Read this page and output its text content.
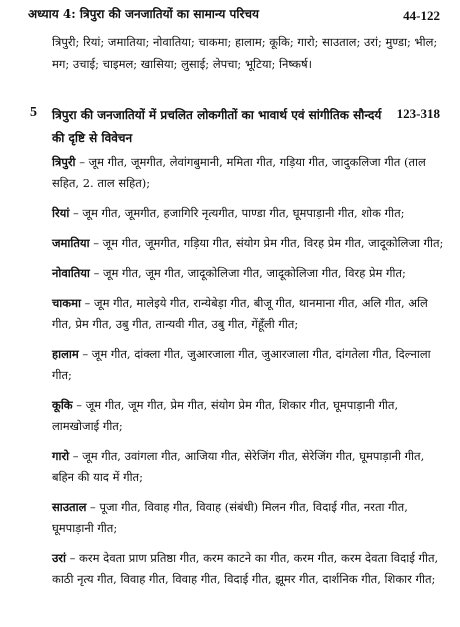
अध्याय 4: त्रिपुरा की जनजातियों का सामान्य परिचय	44-122
त्रिपुरी; रियां; जमातिया; नोवातिया; चाकमा; हालाम; कूकि; गारो; साउताल; उरां; मुण्डा; भील; मग; उचाई; चाइमल; खासिया; लुसाई; लेपचा; भूटिया; निष्कर्ष।
5 त्रिपुरा की जनजातियों में प्रचलित लोकगीतों का भावार्थ एवं सांगीतिक सौन्दर्य की दृष्टि से विवेचन
123-318
त्रिपुरी – जूम गीत, जूमगीत, लेवांगबुमानी, ममिता गीत, गड़िया गीत, जादुकलिजा गीत (ताल सहित, 2. ताल सहित);
रियां – जूम गीत, जूमगीत, हजागिरि नृत्यगीत, पाण्डा गीत, घूमपाड़ानी गीत, शोक गीत;
जमातिया – जूम गीत, जूमगीत, गड़िया गीत, संयोग प्रेम गीत, विरह प्रेम गीत, जादूकोलिजा गीत;
नोवातिया – जूम गीत, जूम गीत, जादूकोलिजा गीत, जादूकोलिजा गीत, विरह प्रेम गीत;
चाकमा – जूम गीत, मालेइये गीत, रान्येबेड़ा गीत, बीजू गीत, थानमाना गीत, अलि गीत, अलि गीत, प्रेम गीत, उबु गीत, तान्यवी गीत, उबु गीत, गेंहूँली गीत;
हालाम – जूम गीत, दांक्ला गीत, जुआरजाला गीत, जुआरजाला गीत, दांगतेला गीत, दिल्नाला गीत;
कूकि – जूम गीत, जूम गीत, प्रेम गीत, संयोग प्रेम गीत, शिकार गीत, घूमपाड़ानी गीत, लामखोजाई गीत;
गारो – जूम गीत, उवांगला गीत, आजिया गीत, सेरेजिंग गीत, सेरेजिंग गीत, घूमपाड़ानी गीत, बहिन की याद में गीत;
साउताल – पूजा गीत, विवाह गीत, विवाह (संबंधी) मिलन गीत, विदाई गीत, नरता गीत, घूमपाड़ानी गीत;
उरां – करम देवता प्राण प्रतिष्ठा गीत, करम काटने का गीत, करम गीत, करम देवता विदाई गीत, काठी नृत्य गीत, विवाह गीत, विवाह गीत, विदाई गीत, झूमर गीत, दार्शनिक गीत, शिकार गीत;
